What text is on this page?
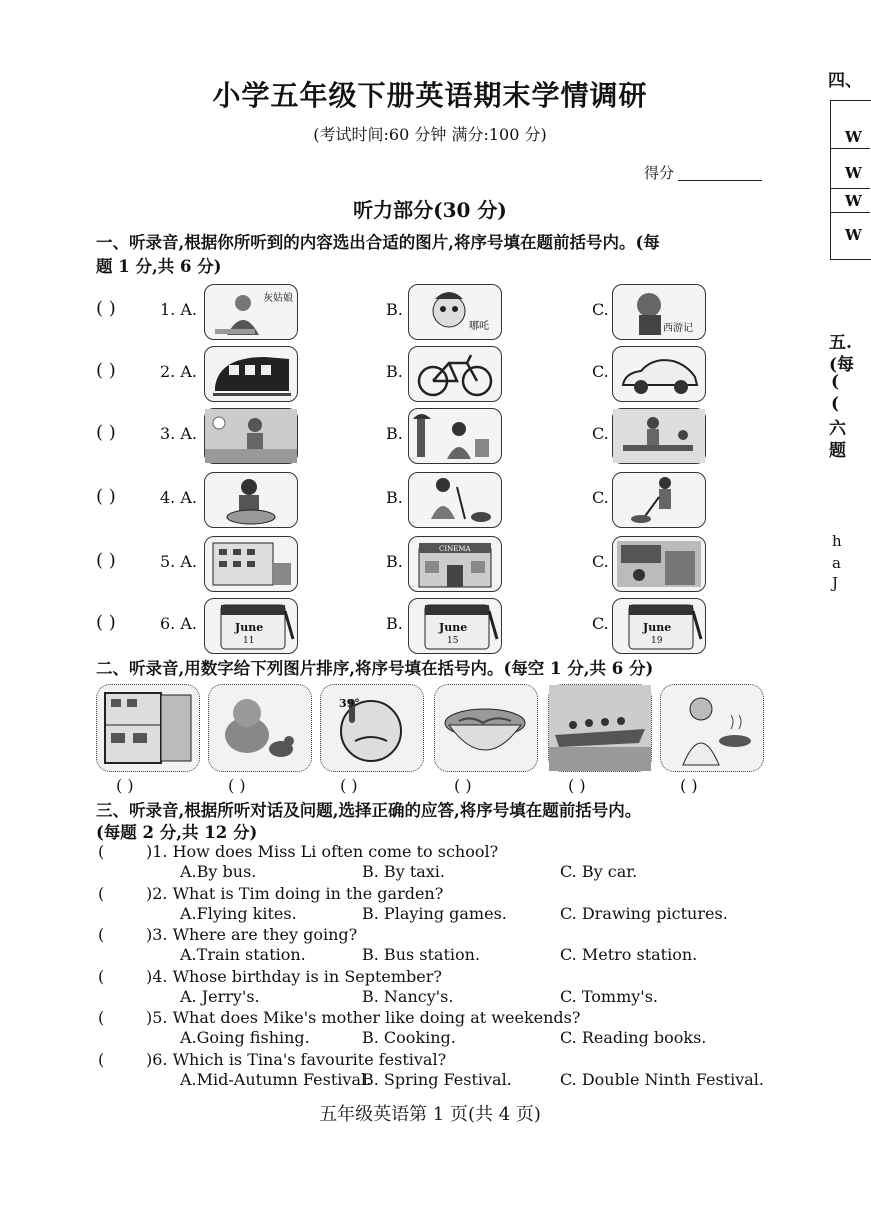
小学五年级下册英语期末学情调研
(考试时间:60 分钟 满分:100 分)
得分
听力部分(30 分)
一、听录音,根据你所听到的内容选出合适的图片,将序号填在题前括号内。(每
题 1 分,共 6 分)
( )	1. A.
灰姑娘
B.
哪吒
C.
西游记
( )	2. A.	B.	C.
( )	3. A.	B.	C.
( )	4. A.	B.	C.
( )	5. A.	B.
CINEMA
C.
( )	6. A.	June
11
B.	June
15
C.	June
19
二、听录音,用数字给下列图片排序,将序号填在括号内。(每空 1 分,共 6 分)
( )	( )
39°
( )	( )	( )	( )
三、听录音,根据所听对话及问题,选择正确的应答,将序号填在题前括号内。
(每题 2 分,共 12 分)
(	)1. How does Miss Li often come to school?
A.By bus.	B. By taxi.	C. By car.
(	)2. What is Tim doing in the garden?
A.Flying kites.	B. Playing games.	C. Drawing pictures.
(	)3. Where are they going?
A.Train station.	B. Bus station.	C. Metro station.
(	)4. Whose birthday is in September?
A. Jerry's.	B. Nancy's.	C. Tommy's.
(	)5. What does Mike's mother like doing at weekends?
A.Going fishing.	B. Cooking.	C. Reading books.
(	)6. Which is Tina's favourite festival?
A.Mid-Autumn Festival.
B. Spring Festival.	C. Double Ninth Festival.
五年级英语第 1 页(共 4 页)
四、
W
W
W
W
五.
(每
(
(
六
题
h
a
J
